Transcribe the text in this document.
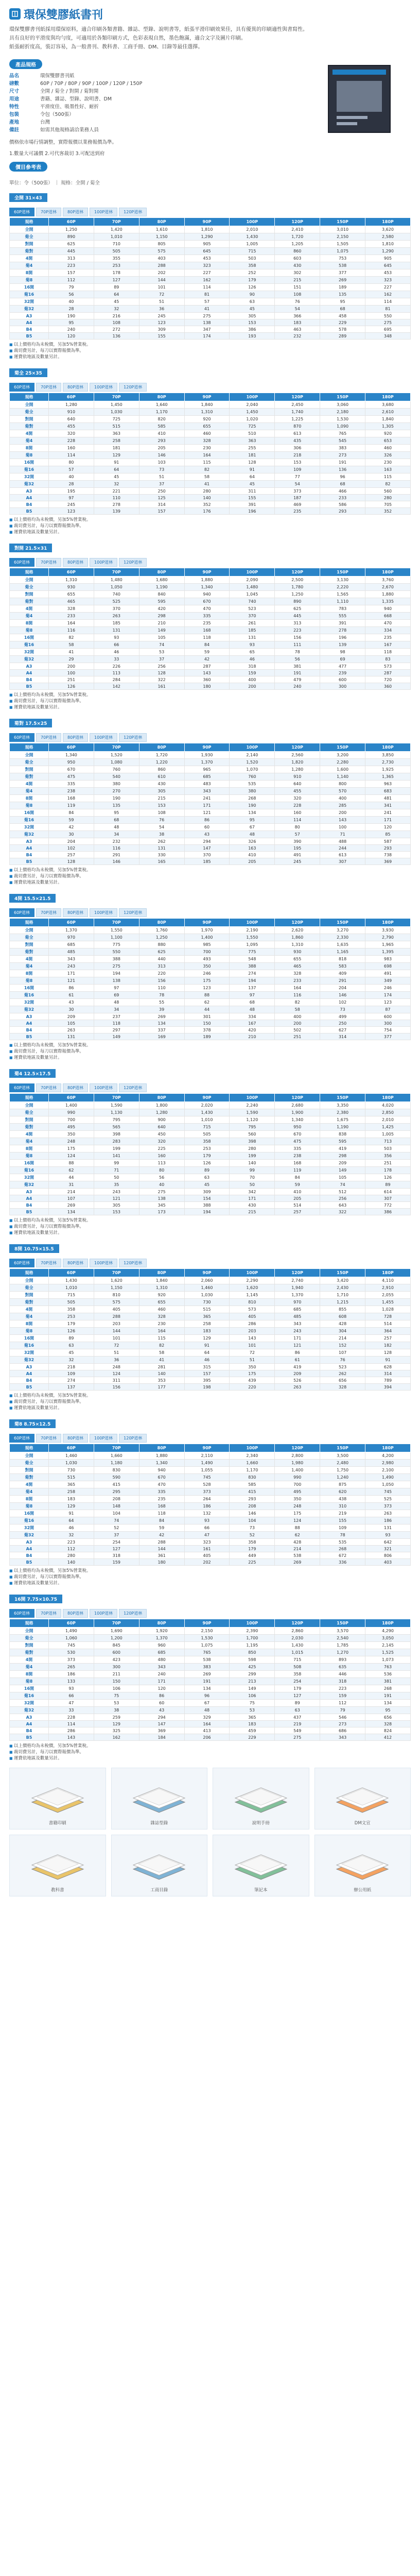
環保雙膠紙書刊

環保雙膠書刊紙採用環保原料，適合印刷各類書籍、雜誌、型錄、說明書等，紙張平滑印刷效果佳，具有優異的印刷適性與書寫性。

具有良好的平滑度與均勻度，可適用於各類印刷方式，色彩表現自然，墨色飽滿，適合文字及圖片印刷。

紙張耐折度高，裝訂容易，為一般書刊、教科書、工商手冊、DM、目錄等最佳選擇。

產品規格
品名	環保雙膠書刊紙
磅數	60P / 70P / 80P / 90P / 100P / 120P / 150P
尺寸	全開 / 菊全 / 對開 / 菊對開
用途	書籍、雜誌、型錄、說明書、DM
特性	平滑度佳、吸墨性好、耐折
包裝	令包（500張）
產地	台灣
備註	如需其他規格請洽業務人員
價格依市場行情調整，實際報價以業務報價為準。
1.數量大可議價 2.可代客裁切 3.可配送到府
價目參考表
單位：令（500張） ｜ 規格：全開 / 菊全
全開 31×43
60P道林	70P道林	80P道林	100P道林	120P道林
規格	60P	70P	80P	90P	100P	120P	150P	180P
全開	1,250	1,420	1,610	1,810	2,010	2,410	3,010	3,620
菊全	890	1,010	1,150	1,290	1,430	1,720	2,150	2,580
對開	625	710	805	905	1,005	1,205	1,505	1,810
菊對	445	505	575	645	715	860	1,075	1,290
4開	313	355	403	453	503	603	753	905
菊4	223	253	288	323	358	430	538	645
8開	157	178	202	227	252	302	377	453
菊8	112	127	144	162	179	215	269	323
16開	79	89	101	114	126	151	189	227
菊16	56	64	72	81	90	108	135	162
32開	40	45	51	57	63	76	95	114
菊32	28	32	36	41	45	54	68	81
A3	190	216	245	275	305	366	458	550
A4	95	108	123	138	153	183	229	275
B4	240	272	309	347	386	463	578	695
B5	120	136	155	174	193	232	289	348

■ 以上價格均為未稅價，另加5%營業稅。

■ 裁切費另計，每刀以實際報價為準。

■ 運費依地區及數量另計。

菊全 25×35
60P道林	70P道林	80P道林	100P道林	120P道林
規格	60P	70P	80P	90P	100P	120P	150P	180P
全開	1,280	1,450	1,640	1,840	2,040	2,450	3,060	3,680
菊全	910	1,030	1,170	1,310	1,450	1,740	2,180	2,610
對開	640	725	820	920	1,020	1,225	1,530	1,840
菊對	455	515	585	655	725	870	1,090	1,305
4開	320	363	410	460	510	613	765	920
菊4	228	258	293	328	363	435	545	653
8開	160	181	205	230	255	306	383	460
菊8	114	129	146	164	181	218	273	326
16開	80	91	103	115	128	153	191	230
菊16	57	64	73	82	91	109	136	163
32開	40	45	51	58	64	77	96	115
菊32	28	32	37	41	45	54	68	82
A3	195	221	250	280	311	373	466	560
A4	97	110	125	140	155	187	233	280
B4	245	278	314	352	391	469	586	705
B5	123	139	157	176	196	235	293	352

■ 以上價格均為未稅價，另加5%營業稅。

■ 裁切費另計，每刀以實際報價為準。

■ 運費依地區及數量另計。

對開 21.5×31
60P道林	70P道林	80P道林	100P道林	120P道林
規格	60P	70P	80P	90P	100P	120P	150P	180P
全開	1,310	1,480	1,680	1,880	2,090	2,500	3,130	3,760
菊全	930	1,050	1,190	1,340	1,480	1,780	2,220	2,670
對開	655	740	840	940	1,045	1,250	1,565	1,880
菊對	465	525	595	670	740	890	1,110	1,335
4開	328	370	420	470	523	625	783	940
菊4	233	263	298	335	370	445	555	668
8開	164	185	210	235	261	313	391	470
菊8	116	131	149	168	185	223	278	334
16開	82	93	105	118	131	156	196	235
菊16	58	66	74	84	93	111	139	167
32開	41	46	53	59	65	78	98	118
菊32	29	33	37	42	46	56	69	83
A3	200	226	256	287	318	381	477	573
A4	100	113	128	143	159	191	239	287
B4	251	284	322	360	400	479	600	720
B5	126	142	161	180	200	240	300	360

■ 以上價格均為未稅價，另加5%營業稅。

■ 裁切費另計，每刀以實際報價為準。

■ 運費依地區及數量另計。

菊對 17.5×25
60P道林	70P道林	80P道林	100P道林	120P道林
規格	60P	70P	80P	90P	100P	120P	150P	180P
全開	1,340	1,520	1,720	1,930	2,140	2,560	3,200	3,850
菊全	950	1,080	1,220	1,370	1,520	1,820	2,280	2,730
對開	670	760	860	965	1,070	1,280	1,600	1,925
菊對	475	540	610	685	760	910	1,140	1,365
4開	335	380	430	483	535	640	800	963
菊4	238	270	305	343	380	455	570	683
8開	168	190	215	241	268	320	400	481
菊8	119	135	153	171	190	228	285	341
16開	84	95	108	121	134	160	200	241
菊16	59	68	76	86	95	114	143	171
32開	42	48	54	60	67	80	100	120
菊32	30	34	38	43	48	57	71	85
A3	204	232	262	294	326	390	488	587
A4	102	116	131	147	163	195	244	293
B4	257	291	330	370	410	491	613	738
B5	128	146	165	185	205	245	307	369

■ 以上價格均為未稅價，另加5%營業稅。

■ 裁切費另計，每刀以實際報價為準。

■ 運費依地區及數量另計。

4開 15.5×21.5
60P道林	70P道林	80P道林	100P道林	120P道林
規格	60P	70P	80P	90P	100P	120P	150P	180P
全開	1,370	1,550	1,760	1,970	2,190	2,620	3,270	3,930
菊全	970	1,100	1,250	1,400	1,550	1,860	2,330	2,790
對開	685	775	880	985	1,095	1,310	1,635	1,965
菊對	485	550	625	700	775	930	1,165	1,395
4開	343	388	440	493	548	655	818	983
菊4	243	275	313	350	388	465	583	698
8開	171	194	220	246	274	328	409	491
菊8	121	138	156	175	194	233	291	349
16開	86	97	110	123	137	164	204	246
菊16	61	69	78	88	97	116	146	174
32開	43	48	55	62	68	82	102	123
菊32	30	34	39	44	48	58	73	87
A3	209	237	269	301	334	400	499	600
A4	105	118	134	150	167	200	250	300
B4	263	297	337	378	420	502	627	754
B5	131	149	169	189	210	251	314	377

■ 以上價格均為未稅價，另加5%營業稅。

■ 裁切費另計，每刀以實際報價為準。

■ 運費依地區及數量另計。

菊4 12.5×17.5
60P道林	70P道林	80P道林	100P道林	120P道林
規格	60P	70P	80P	90P	100P	120P	150P	180P
全開	1,400	1,590	1,800	2,020	2,240	2,680	3,350	4,020
菊全	990	1,130	1,280	1,430	1,590	1,900	2,380	2,850
對開	700	795	900	1,010	1,120	1,340	1,675	2,010
菊對	495	565	640	715	795	950	1,190	1,425
4開	350	398	450	505	560	670	838	1,005
菊4	248	283	320	358	398	475	595	713
8開	175	199	225	253	280	335	419	503
菊8	124	141	160	179	199	238	298	356
16開	88	99	113	126	140	168	209	251
菊16	62	71	80	89	99	119	149	178
32開	44	50	56	63	70	84	105	126
菊32	31	35	40	45	50	59	74	89
A3	214	243	275	309	342	410	512	614
A4	107	121	138	154	171	205	256	307
B4	269	305	345	388	430	514	643	772
B5	134	153	173	194	215	257	322	386

■ 以上價格均為未稅價，另加5%營業稅。

■ 裁切費另計，每刀以實際報價為準。

■ 運費依地區及數量另計。

8開 10.75×15.5
60P道林	70P道林	80P道林	100P道林	120P道林
規格	60P	70P	80P	90P	100P	120P	150P	180P
全開	1,430	1,620	1,840	2,060	2,290	2,740	3,420	4,110
菊全	1,010	1,150	1,310	1,460	1,620	1,940	2,430	2,910
對開	715	810	920	1,030	1,145	1,370	1,710	2,055
菊對	505	575	655	730	810	970	1,215	1,455
4開	358	405	460	515	573	685	855	1,028
菊4	253	288	328	365	405	485	608	728
8開	179	203	230	258	286	343	428	514
菊8	126	144	164	183	203	243	304	364
16開	89	101	115	129	143	171	214	257
菊16	63	72	82	91	101	121	152	182
32開	45	51	58	64	72	86	107	128
菊32	32	36	41	46	51	61	76	91
A3	218	248	281	315	350	419	523	628
A4	109	124	140	157	175	209	262	314
B4	274	311	353	395	439	526	656	789
B5	137	156	177	198	220	263	328	394

■ 以上價格均為未稅價，另加5%營業稅。

■ 裁切費另計，每刀以實際報價為準。

■ 運費依地區及數量另計。

菊8 8.75×12.5
60P道林	70P道林	80P道林	100P道林	120P道林
規格	60P	70P	80P	90P	100P	120P	150P	180P
全開	1,460	1,660	1,880	2,110	2,340	2,800	3,500	4,200
菊全	1,030	1,180	1,340	1,490	1,660	1,980	2,480	2,980
對開	730	830	940	1,055	1,170	1,400	1,750	2,100
菊對	515	590	670	745	830	990	1,240	1,490
4開	365	415	470	528	585	700	875	1,050
菊4	258	295	335	373	415	495	620	745
8開	183	208	235	264	293	350	438	525
菊8	129	148	168	186	208	248	310	373
16開	91	104	118	132	146	175	219	263
菊16	64	74	84	93	104	124	155	186
32開	46	52	59	66	73	88	109	131
菊32	32	37	42	47	52	62	78	93
A3	223	254	288	323	358	428	535	642
A4	112	127	144	161	179	214	268	321
B4	280	318	361	405	449	538	672	806
B5	140	159	180	202	225	269	336	403

■ 以上價格均為未稅價，另加5%營業稅。

■ 裁切費另計，每刀以實際報價為準。

■ 運費依地區及數量另計。

16開 7.75×10.75
60P道林	70P道林	80P道林	100P道林	120P道林
規格	60P	70P	80P	90P	100P	120P	150P	180P
全開	1,490	1,690	1,920	2,150	2,390	2,860	3,570	4,290
菊全	1,060	1,200	1,370	1,530	1,700	2,030	2,540	3,050
對開	745	845	960	1,075	1,195	1,430	1,785	2,145
菊對	530	600	685	765	850	1,015	1,270	1,525
4開	373	423	480	538	598	715	893	1,073
菊4	265	300	343	383	425	508	635	763
8開	186	211	240	269	299	358	446	536
菊8	133	150	171	191	213	254	318	381
16開	93	106	120	134	149	179	223	268
菊16	66	75	86	96	106	127	159	191
32開	47	53	60	67	75	89	112	134
菊32	33	38	43	48	53	63	79	95
A3	228	259	294	329	365	437	546	656
A4	114	129	147	164	183	219	273	328
B4	286	325	369	413	459	549	686	824
B5	143	162	184	206	229	275	343	412

■ 以上價格均為未稅價，另加5%營業稅。

■ 裁切費另計，每刀以實際報價為準。

■ 運費依地區及數量另計。

書籍印刷	雜誌型錄	說明手冊	DM文宣
教科書	工商目錄	筆記本	辦公用紙
